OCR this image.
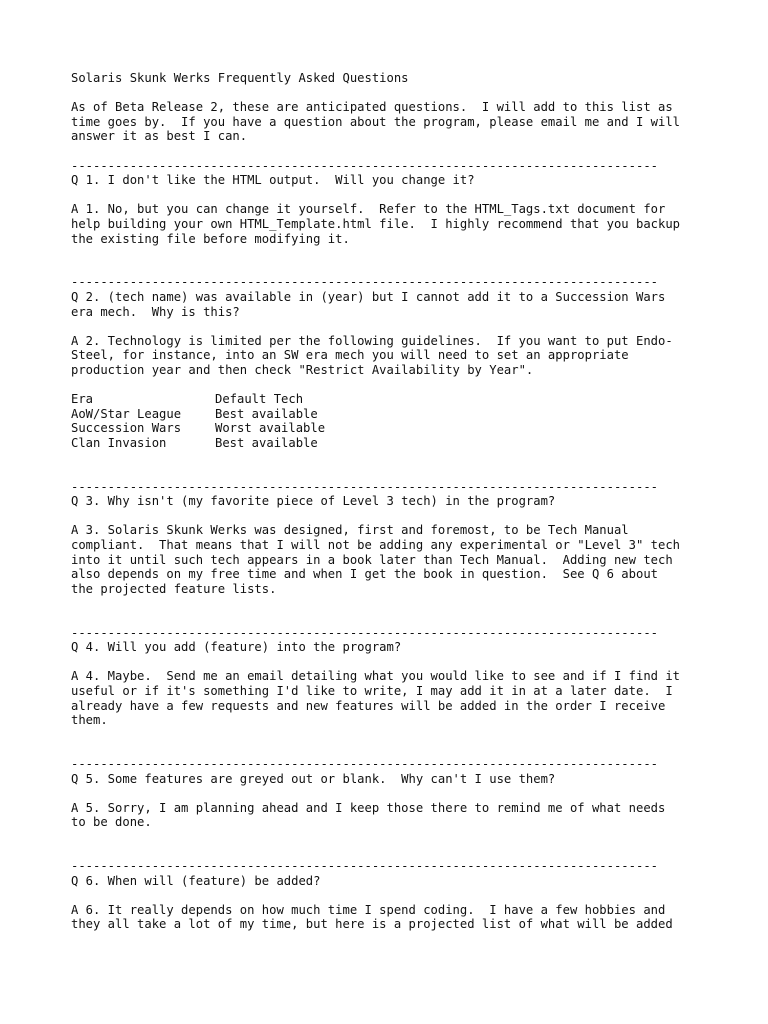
Solaris Skunk Werks Frequently Asked Questions
As of Beta Release 2, these are anticipated questions.  I will add to this list as
time goes by.  If you have a question about the program, please email me and I will
answer it as best I can.
--------------------------------------------------------------------------------
Q 1. I don't like the HTML output.  Will you change it?
A 1. No, but you can change it yourself.  Refer to the HTML_Tags.txt document for
help building your own HTML_Template.html file.  I highly recommend that you backup
the existing file before modifying it.
--------------------------------------------------------------------------------
Q 2. (tech name) was available in (year) but I cannot add it to a Succession Wars
era mech.  Why is this?
A 2. Technology is limited per the following guidelines.  If you want to put Endo-
Steel, for instance, into an SW era mech you will need to set an appropriate
production year and then check "Restrict Availability by Year".
Era	Default Tech
AoW/Star League	Best available
Succession Wars	Worst available
Clan Invasion	Best available
--------------------------------------------------------------------------------
Q 3. Why isn't (my favorite piece of Level 3 tech) in the program?
A 3. Solaris Skunk Werks was designed, first and foremost, to be Tech Manual
compliant.  That means that I will not be adding any experimental or "Level 3" tech
into it until such tech appears in a book later than Tech Manual.  Adding new tech
also depends on my free time and when I get the book in question.  See Q 6 about
the projected feature lists.
--------------------------------------------------------------------------------
Q 4. Will you add (feature) into the program?
A 4. Maybe.  Send me an email detailing what you would like to see and if I find it
useful or if it's something I'd like to write, I may add it in at a later date.  I
already have a few requests and new features will be added in the order I receive
them.
--------------------------------------------------------------------------------
Q 5. Some features are greyed out or blank.  Why can't I use them?
A 5. Sorry, I am planning ahead and I keep those there to remind me of what needs
to be done.
--------------------------------------------------------------------------------
Q 6. When will (feature) be added?
A 6. It really depends on how much time I spend coding.  I have a few hobbies and
they all take a lot of my time, but here is a projected list of what will be added
